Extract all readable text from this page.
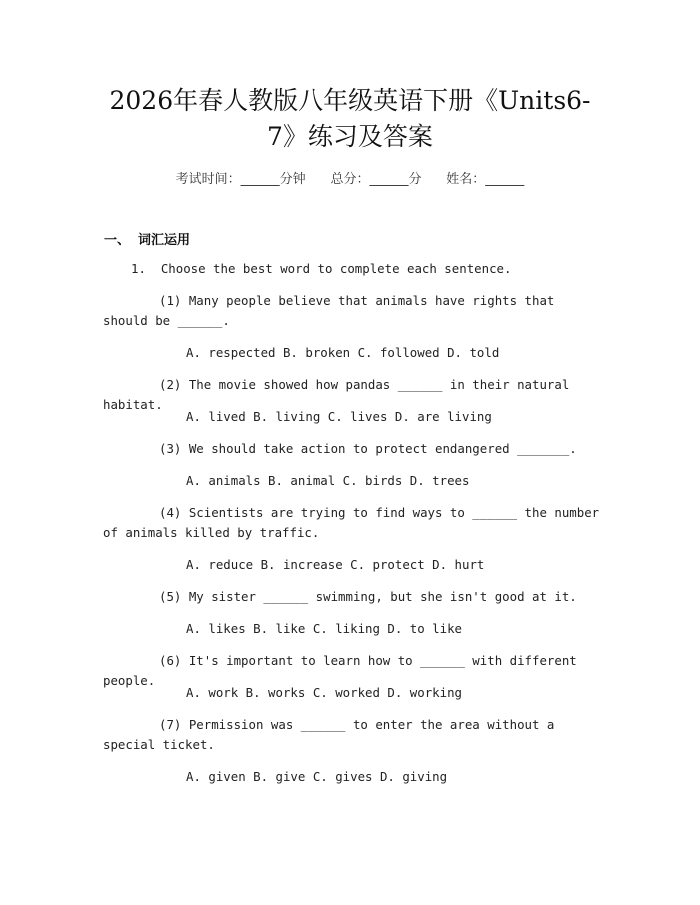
2026年春人教版八年级英语下册《Units6-
7》练习及答案
考试时间：______分钟 总分：______分 姓名：______
一、 词汇运用
1.  Choose the best word to complete each sentence.
(1) Many people believe that animals have rights that should be ______.
A. respected B. broken C. followed D. told
(2) The movie showed how pandas ______ in their natural habitat.
A. lived B. living C. lives D. are living
(3) We should take action to protect endangered _______.
A. animals B. animal C. birds D. trees
(4) Scientists are trying to find ways to ______ the number of animals killed by traffic.
A. reduce B. increase C. protect D. hurt
(5) My sister ______ swimming, but she isn't good at it.
A. likes B. like C. liking D. to like
(6) It's important to learn how to ______ with different people.
A. work B. works C. worked D. working
(7) Permission was ______ to enter the area without a special ticket.
A. given B. give C. gives D. giving
